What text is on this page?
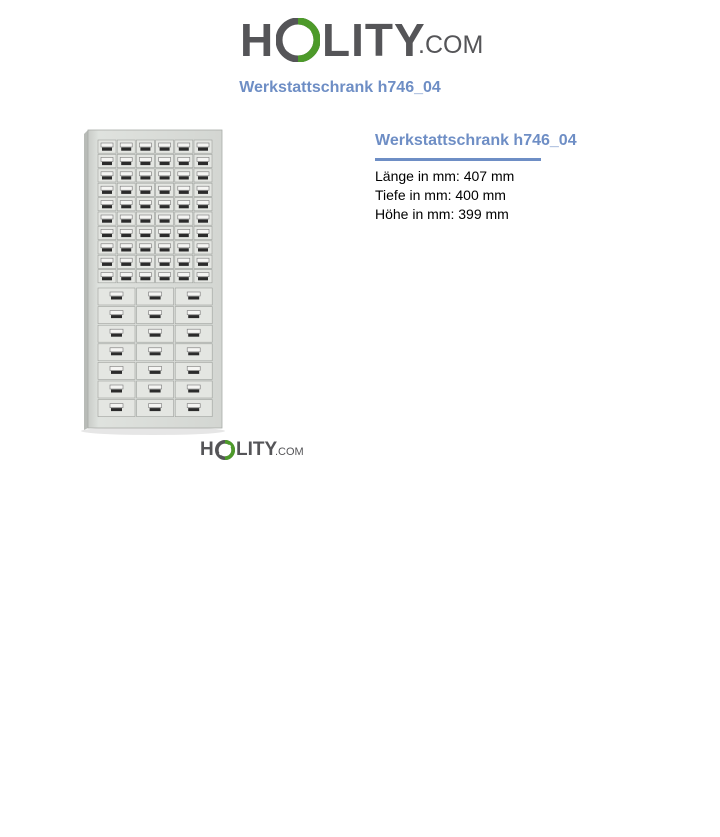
H LITY
.COM
Werkstattschrank h746_04
H LITY
.COM
Werkstattschrank h746_04
Länge in mm: 407 mm
Tiefe in mm: 400 mm
Höhe in mm: 399 mm
